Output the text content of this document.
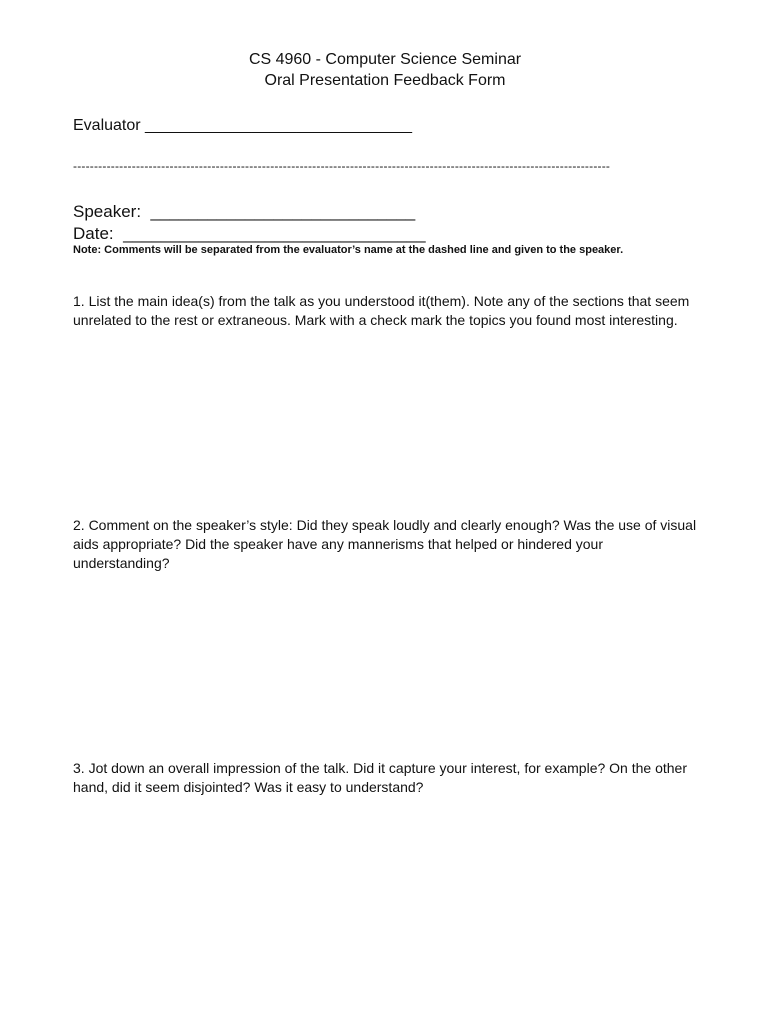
CS 4960 - Computer Science Seminar
Oral Presentation Feedback Form
Evaluator ______________________________
--------------------------------------------------------------------------------------------------------------------------------
Speaker: ____________________________
Date: ________________________________
Note: Comments will be separated from the evaluator’s name at the dashed line and given to the speaker.
1. List the main idea(s) from the talk as you understood it(them). Note any of the sections that seem unrelated to the rest or extraneous. Mark with a check mark the topics you found most interesting.
2. Comment on the speaker’s style: Did they speak loudly and clearly enough? Was the use of visual aids appropriate? Did the speaker have any mannerisms that helped or hindered your understanding?
3. Jot down an overall impression of the talk. Did it capture your interest, for example? On the other hand, did it seem disjointed? Was it easy to understand?
